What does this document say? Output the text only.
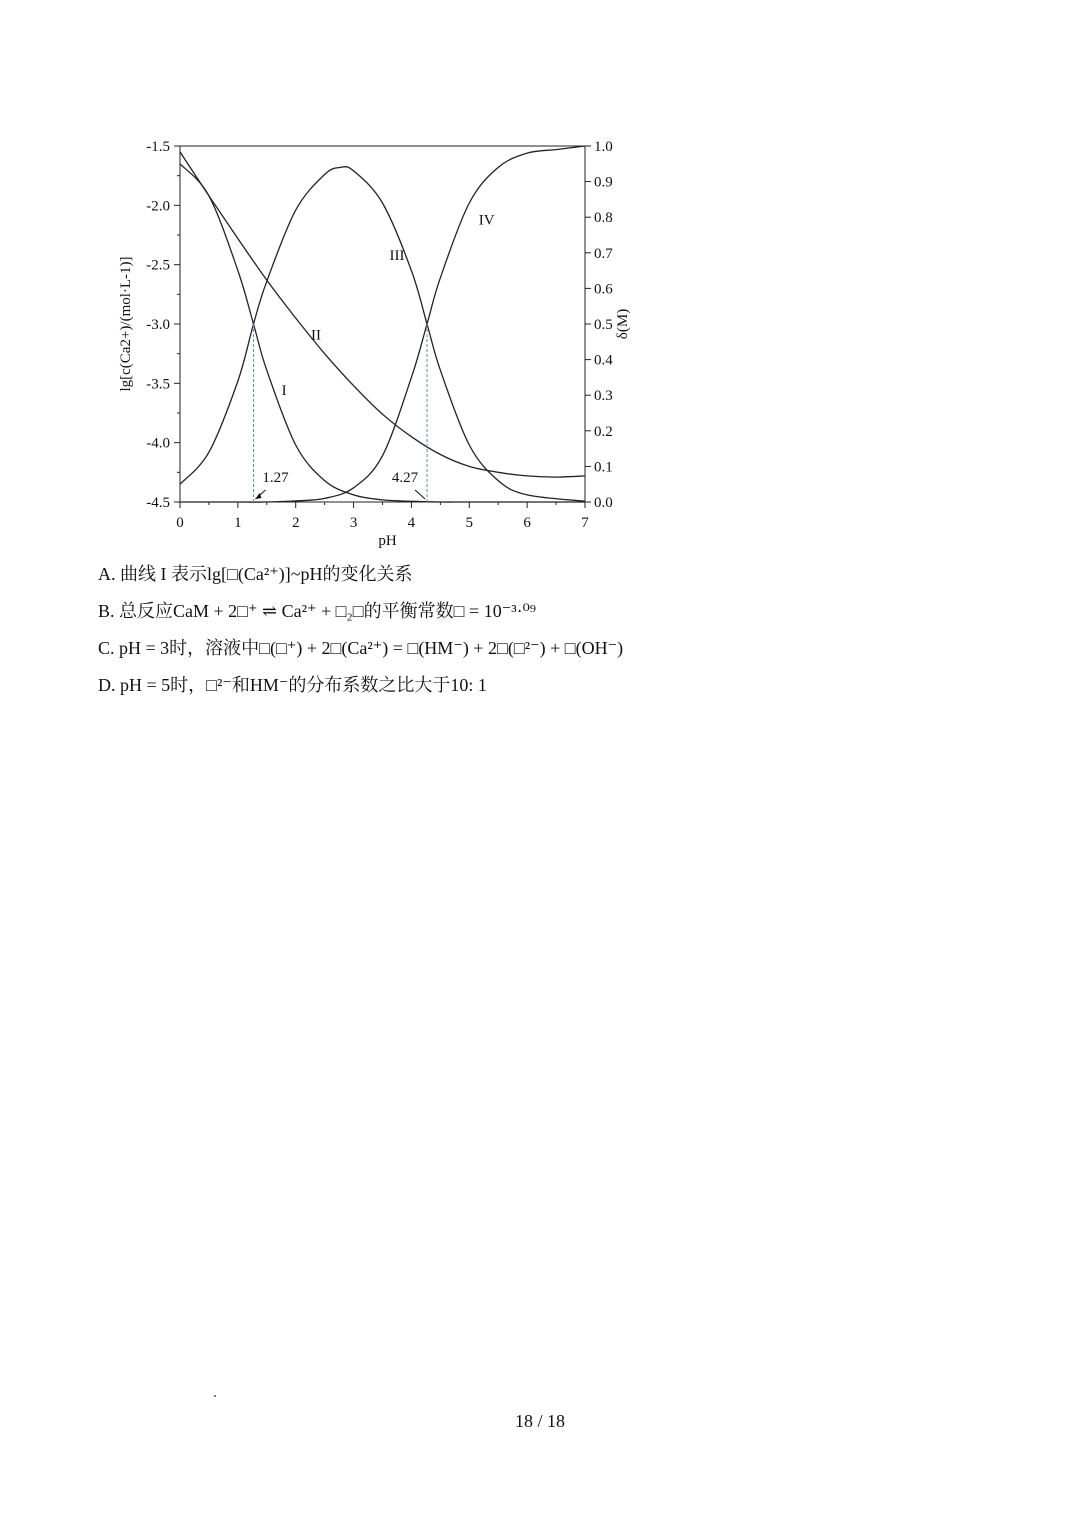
0	1	2	3	4	5	6	7
pH
-1.5
-2.0
-2.5
-3.0
-3.5
-4.0
-4.5
lg[c(Ca2+)/(mol·L-1)]
1.0
0.9
0.8
0.7
0.6
0.5
0.4
0.3
0.2
0.1
0.0
δ(M)
I
II
III
IV
1.27	4.27
A. 曲线 I 表示lg[□(Ca²⁺)]~pH的变化关系
B. 总反应CaM + 2□⁺ ⇌ Ca²⁺ + □₂□的平衡常数□ = 10⁻³·⁰⁹
C. pH = 3时，溶液中□(□⁺) + 2□(Ca²⁺) = □(HM⁻) + 2□(□²⁻) + □(OH⁻)
D. pH = 5时，□²⁻和HM⁻的分布系数之比大于10: 1
18 / 18
